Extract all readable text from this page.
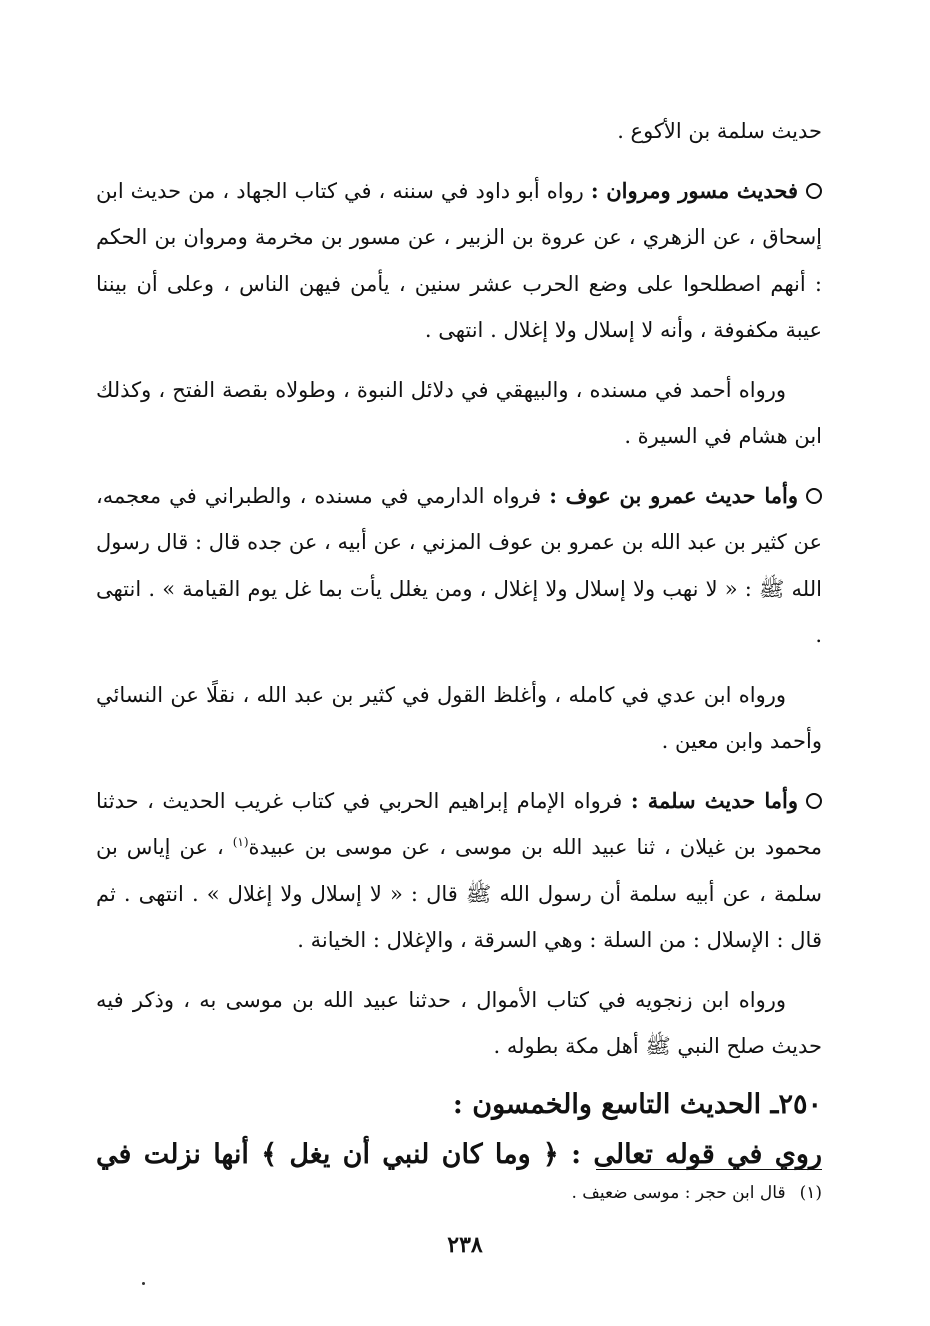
حديث سلمة بن الأكوع .

فحديث مسور ومروان : رواه أبو داود في سننه ، في كتاب الجهاد ، من حديث ابن إسحاق ، عن الزهري ، عن عروة بن الزبير ، عن مسور بن مخرمة ومروان بن الحكم : أنهم اصطلحوا على وضع الحرب عشر سنين ، يأمن فيهن الناس ، وعلى أن بيننا عيبة مكفوفة ، وأنه لا إسلال ولا إغلال . انتهى .

ورواه أحمد في مسنده ، والبيهقي في دلائل النبوة ، وطولاه بقصة الفتح ، وكذلك ابن هشام في السيرة .

وأما حديث عمرو بن عوف : فرواه الدارمي في مسنده ، والطبراني في معجمه، عن كثير بن عبد الله بن عمرو بن عوف المزني ، عن أبيه ، عن جده قال : قال رسول الله ﷺ : « لا نهب ولا إسلال ولا إغلال ، ومن يغلل يأت بما غل يوم القيامة » . انتهى .

ورواه ابن عدي في كامله ، وأغلظ القول في كثير بن عبد الله ، نقلًا عن النسائي وأحمد وابن معين .

وأما حديث سلمة : فرواه الإمام إبراهيم الحربي في كتاب غريب الحديث ، حدثنا محمود بن غيلان ، ثنا عبيد الله بن موسى ، عن موسى بن عبيدة$^{(١)}$ ، عن إياس بن سلمة ، عن أبيه سلمة أن رسول الله ﷺ قال : « لا إسلال ولا إغلال » . انتهى . ثم قال : الإسلال : من السلة : وهي السرقة ، والإغلال : الخيانة .

ورواه ابن زنجويه في كتاب الأموال ، حدثنا عبيد الله بن موسى به ، وذكر فيه حديث صلح النبي ﷺ أهل مكة بطوله .

٢٥٠ـ الحديث التاسع والخمسون :

روي في قوله تعالى : ﴿ وما كان لنبي أن يغل ﴾ أنها نزلت في

(١)قال ابن حجر : موسى ضعيف .
٢٣٨
